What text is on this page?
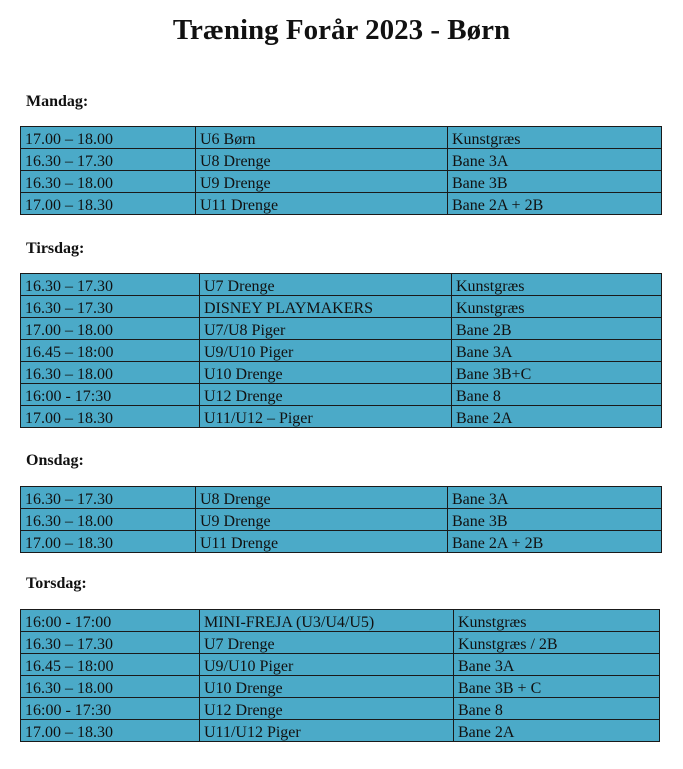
Træning Forår 2023 - Børn
Mandag:
17.00 – 18.00	U6 Børn	Kunstgræs
16.30 – 17.30	U8 Drenge	Bane 3A
16.30 – 18.00	U9 Drenge	Bane 3B
17.00 – 18.30	U11 Drenge	Bane 2A + 2B
Tirsdag:
16.30 – 17.30	U7 Drenge	Kunstgræs
16.30 – 17.30	DISNEY PLAYMAKERS	Kunstgræs
17.00 – 18.00	U7/U8 Piger	Bane 2B
16.45 – 18:00	U9/U10 Piger	Bane 3A
16.30 – 18.00	U10 Drenge	Bane 3B+C
16:00 - 17:30	U12 Drenge	Bane 8
17.00 – 18.30	U11/U12 – Piger	Bane 2A
Onsdag:
16.30 – 17.30	U8 Drenge	Bane 3A
16.30 – 18.00	U9 Drenge	Bane 3B
17.00 – 18.30	U11 Drenge	Bane 2A + 2B
Torsdag:
16:00 - 17:00	MINI-FREJA (U3/U4/U5)	Kunstgræs
16.30 – 17.30	U7 Drenge	Kunstgræs / 2B
16.45 – 18:00	U9/U10 Piger	Bane 3A
16.30 – 18.00	U10 Drenge	Bane 3B + C
16:00 - 17:30	U12 Drenge	Bane 8
17.00 – 18.30	U11/U12 Piger	Bane 2A
